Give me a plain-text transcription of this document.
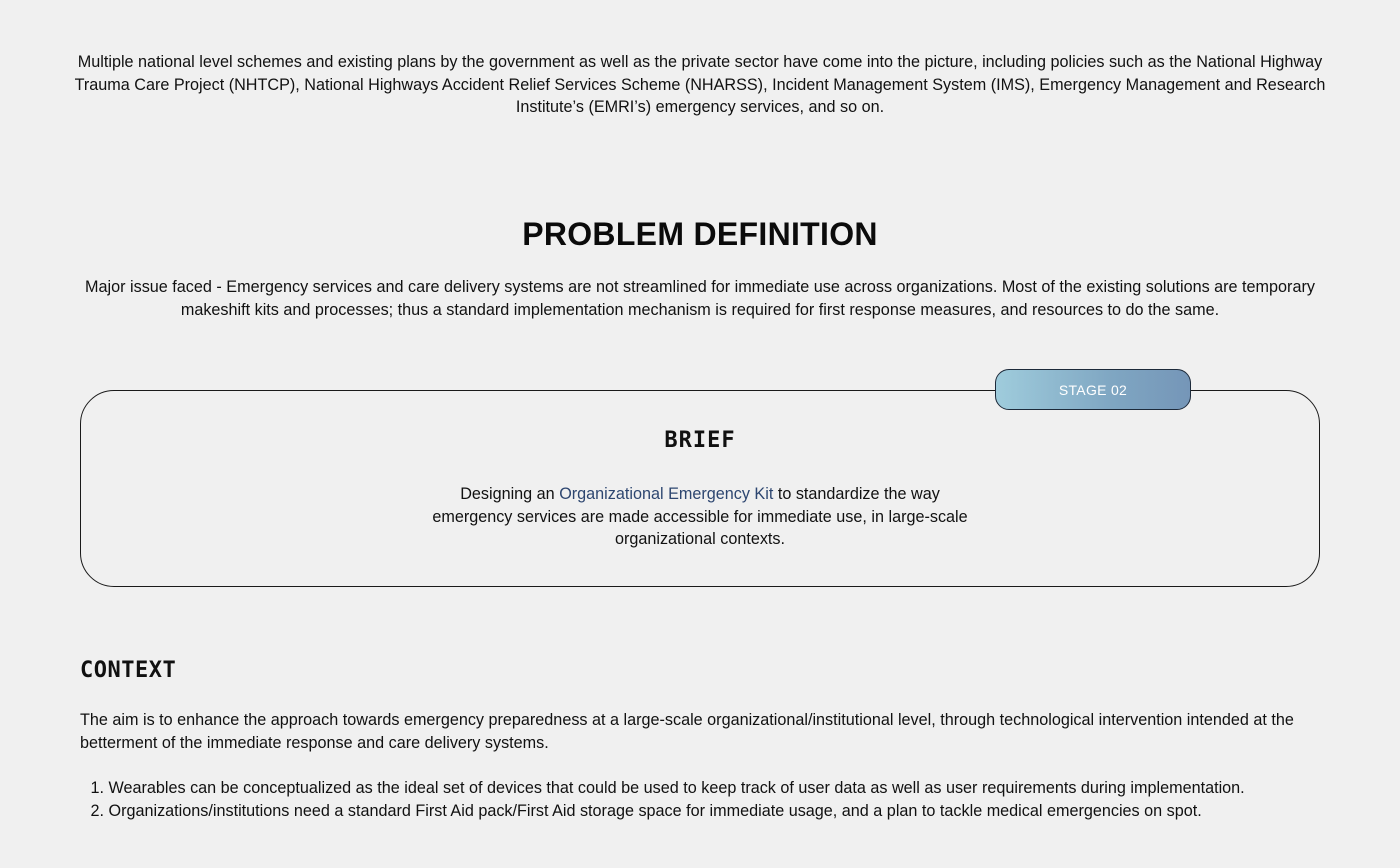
Multiple national level schemes and existing plans by the government as well as the private sector have come into the picture, including policies such as the National Highway Trauma Care Project (NHTCP), National Highways Accident Relief Services Scheme (NHARSS), Incident Management System (IMS), Emergency Management and Research Institute’s (EMRI’s) emergency services, and so on.

PROBLEM DEFINITION

Major issue faced - Emergency services and care delivery systems are not streamlined for immediate use across organizations. Most of the existing solutions are temporary makeshift kits and processes; thus a standard implementation mechanism is required for first response measures, and resources to do the same.

STAGE 02
BRIEF

Designing an Organizational Emergency Kit to standardize the way emergency services are made accessible for immediate use, in large-scale organizational contexts.

CONTEXT

The aim is to enhance the approach towards emergency preparedness at a large-scale organizational/institutional level, through technological intervention intended at the betterment of the immediate response and care delivery systems.

1.
Wearables can be conceptualized as the ideal set of devices that could be used to keep track of user data as well as user requirements during implementation.
2.
Organizations/institutions need a standard First Aid pack/First Aid storage space for immediate usage, and a plan to tackle medical emergencies on spot.
